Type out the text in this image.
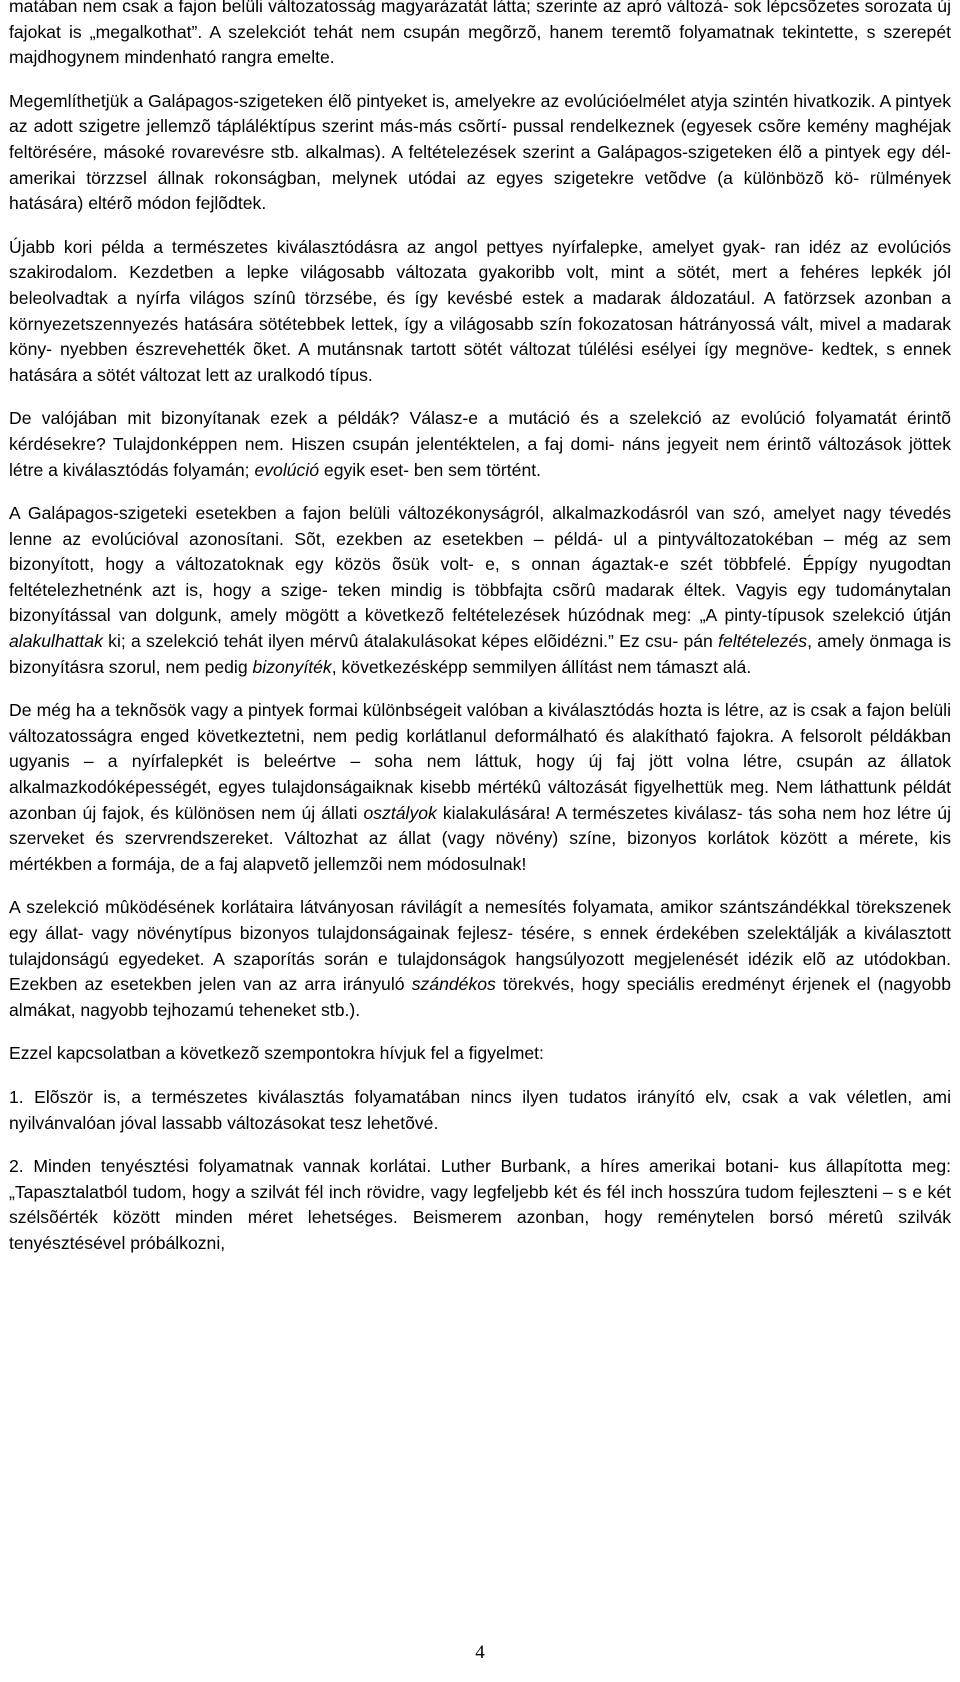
matában nem csak a fajon belüli változatosság magyarázatát látta; szerinte az apró változá- sok lépcsõzetes sorozata új fajokat is „megalkothat”. A szelekciót tehát nem csupán megõrzõ, hanem teremtõ folyamatnak tekintette, s szerepét majdhogynem mindenható rangra emelte.

Megemlíthetjük a Galápagos-szigeteken élõ pintyeket is, amelyekre az evolúcióelmélet atyja szintén hivatkozik. A pintyek az adott szigetre jellemzõ tápláléktípus szerint más-más csõrtí- pussal rendelkeznek (egyesek csõre kemény maghéjak feltörésére, másoké rovarevésre stb. alkalmas). A feltételezések szerint a Galápagos-szigeteken élõ a pintyek egy dél-amerikai törzzsel állnak rokonságban, melynek utódai az egyes szigetekre vetõdve (a különbözõ kö- rülmények hatására) eltérõ módon fejlõdtek.

Újabb kori példa a természetes kiválasztódásra az angol pettyes nyírfalepke, amelyet gyak- ran idéz az evolúciós szakirodalom. Kezdetben a lepke világosabb változata gyakoribb volt, mint a sötét, mert a fehéres lepkék jól beleolvadtak a nyírfa világos színû törzsébe, és így kevésbé estek a madarak áldozatául. A fatörzsek azonban a környezetszennyezés hatására sötétebbek lettek, így a világosabb szín fokozatosan hátrányossá vált, mivel a madarak köny- nyebben észrevehették õket. A mutánsnak tartott sötét változat túlélési esélyei így megnöve- kedtek, s ennek hatására a sötét változat lett az uralkodó típus.

De valójában mit bizonyítanak ezek a példák? Válasz-e a mutáció és a szelekció az evolúció folyamatát érintõ kérdésekre? Tulajdonképpen nem. Hiszen csupán jelentéktelen, a faj domi- náns jegyeit nem érintõ változások jöttek létre a kiválasztódás folyamán; evolúció egyik eset- ben sem történt.

A Galápagos-szigeteki esetekben a fajon belüli változékonyságról, alkalmazkodásról van szó, amelyet nagy tévedés lenne az evolúcióval azonosítani. Sõt, ezekben az esetekben – példá- ul a pintyváltozatokéban – még az sem bizonyított, hogy a változatoknak egy közös õsük volt- e, s onnan ágaztak-e szét többfelé. Éppígy nyugodtan feltételezhetnénk azt is, hogy a szige- teken mindig is többfajta csõrû madarak éltek. Vagyis egy tudománytalan bizonyítással van dolgunk, amely mögött a következõ feltételezések húzódnak meg: „A pinty-típusok szelekció útján alakulhattak ki; a szelekció tehát ilyen mérvû átalakulásokat képes elõidézni.” Ez csu- pán feltételezés, amely önmaga is bizonyításra szorul, nem pedig bizonyíték, következésképp semmilyen állítást nem támaszt alá.

De még ha a teknõsök vagy a pintyek formai különbségeit valóban a kiválasztódás hozta is létre, az is csak a fajon belüli változatosságra enged következtetni, nem pedig korlátlanul deformálható és alakítható fajokra. A felsorolt példákban ugyanis – a nyírfalepkét is beleértve – soha nem láttuk, hogy új faj jött volna létre, csupán az állatok alkalmazkodóképességét, egyes tulajdonságaiknak kisebb mértékû változását figyelhettük meg. Nem láthattunk példát azonban új fajok, és különösen nem új állati osztályok kialakulására! A természetes kiválasz- tás soha nem hoz létre új szerveket és szervrendszereket. Változhat az állat (vagy növény) színe, bizonyos korlátok között a mérete, kis mértékben a formája, de a faj alapvetõ jellemzõi nem módosulnak!

A szelekció mûködésének korlátaira látványosan rávilágít a nemesítés folyamata, amikor szántszándékkal törekszenek egy állat- vagy növénytípus bizonyos tulajdonságainak fejlesz- tésére, s ennek érdekében szelektálják a kiválasztott tulajdonságú egyedeket. A szaporítás során e tulajdonságok hangsúlyozott megjelenését idézik elõ az utódokban. Ezekben az esetekben jelen van az arra irányuló szándékos törekvés, hogy speciális eredményt érjenek el (nagyobb almákat, nagyobb tejhozamú teheneket stb.).

Ezzel kapcsolatban a következõ szempontokra hívjuk fel a figyelmet:

1. Elõször is, a természetes kiválasztás folyamatában nincs ilyen tudatos irányító elv, csak a vak véletlen, ami nyilvánvalóan jóval lassabb változásokat tesz lehetõvé.

2. Minden tenyésztési folyamatnak vannak korlátai. Luther Burbank, a híres amerikai botani- kus állapította meg: „Tapasztalatból tudom, hogy a szilvát fél inch rövidre, vagy legfeljebb két és fél inch hosszúra tudom fejleszteni – s e két szélsõérték között minden méret lehetséges. Beismerem azonban, hogy reménytelen borsó méretû szilvák tenyésztésével próbálkozni,

4
